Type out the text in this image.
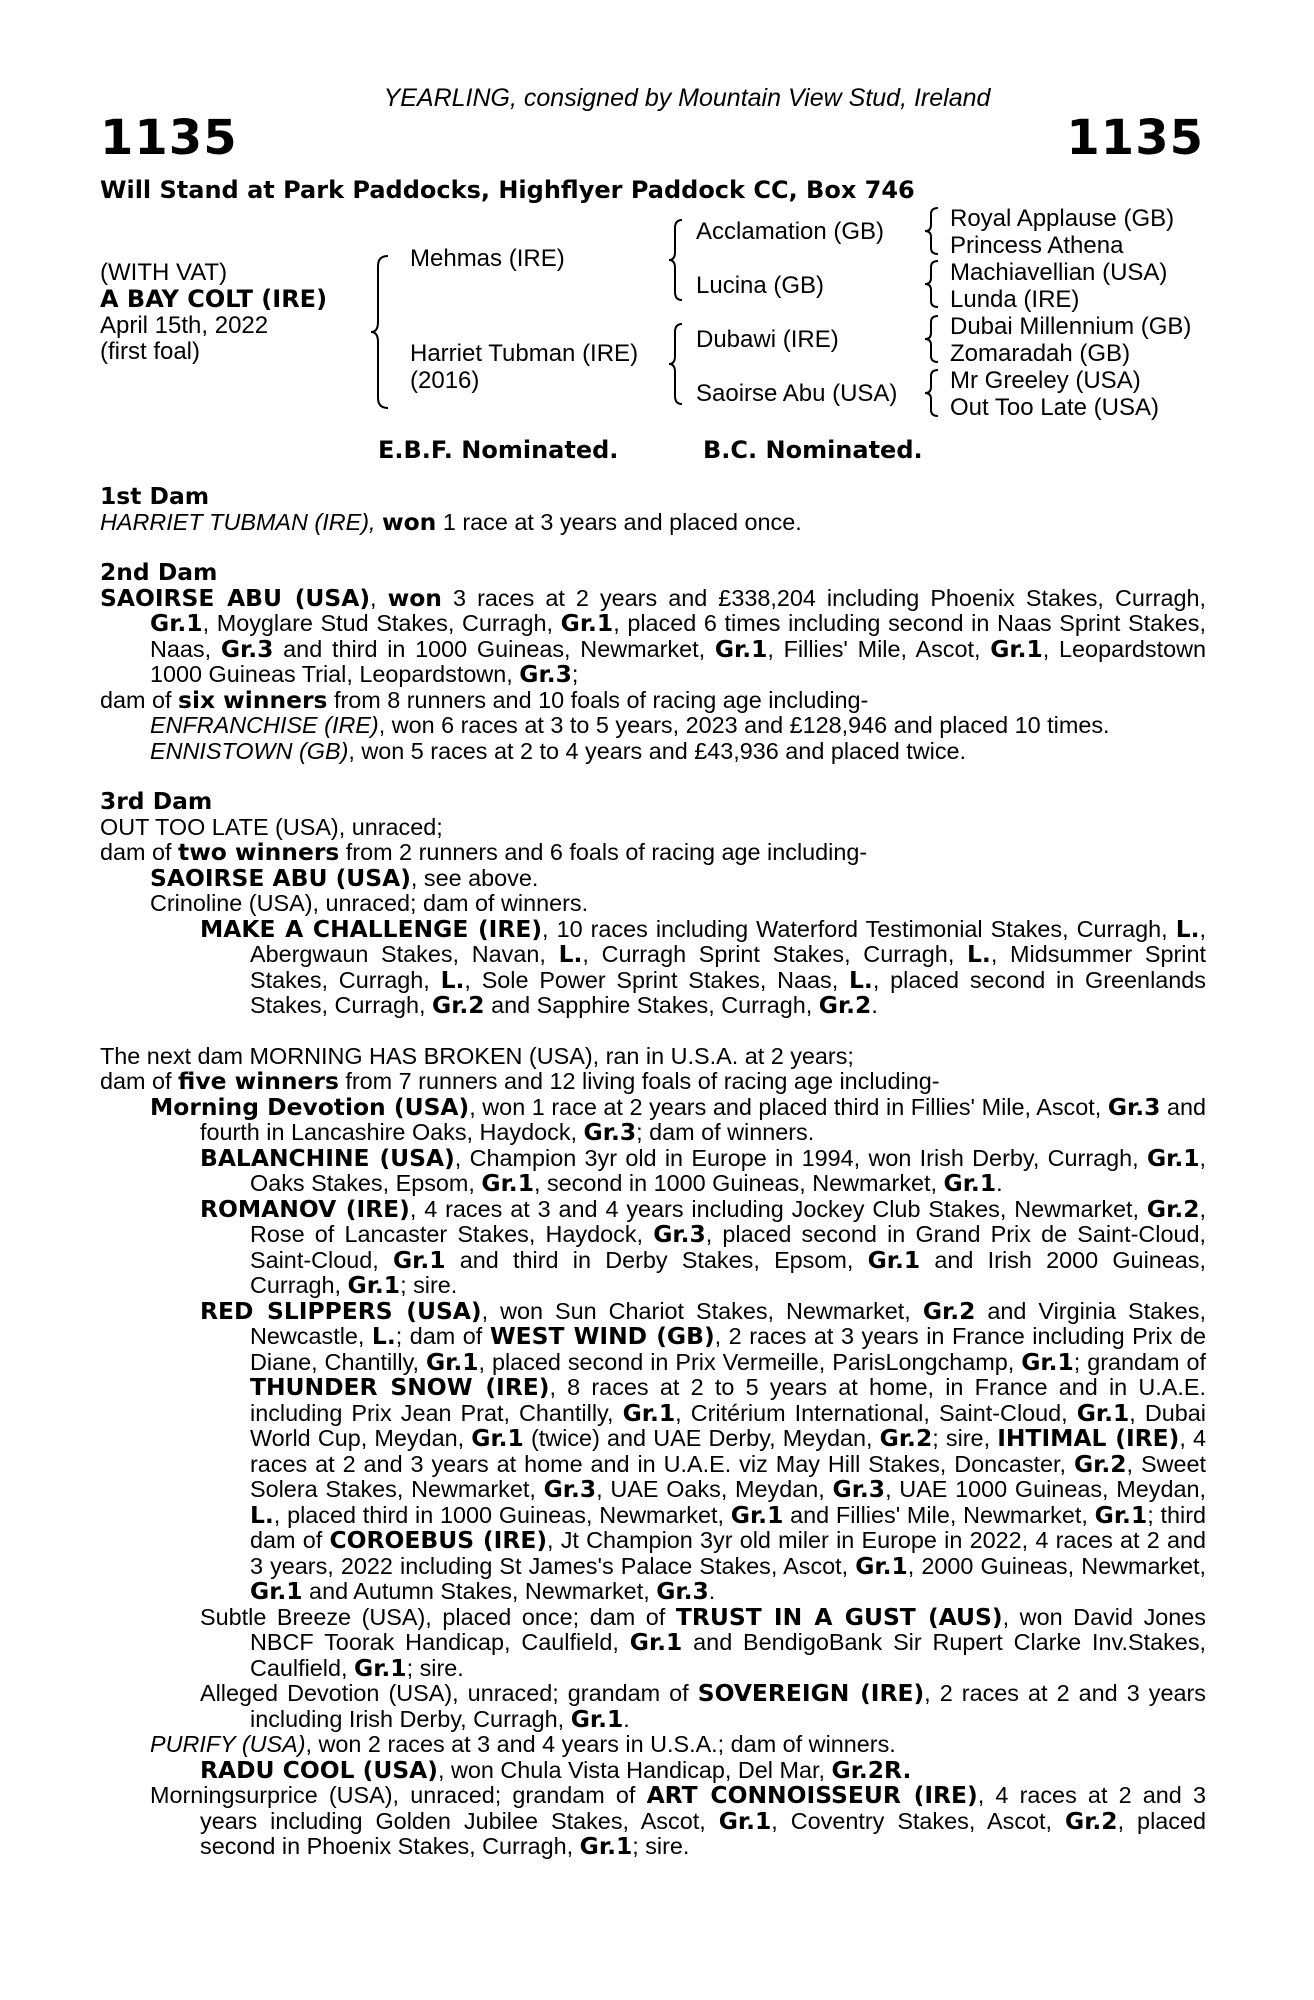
YEARLING, consigned by Mountain View Stud, Ireland
1135	1135
Will Stand at Park Paddocks, Highflyer Paddock CC, Box 746
(WITH VAT)
A BAY COLT (IRE)
April 15th, 2022
(first foal)
Mehmas (IRE)
Harriet Tubman (IRE)
(2016)
Acclamation (GB)
Lucina (GB)
Dubawi (IRE)
Saoirse Abu (USA)
Royal Applause (GB)
Princess Athena
Machiavellian (USA)
Lunda (IRE)
Dubai Millennium (GB)
Zomaradah (GB)
Mr Greeley (USA)
Out Too Late (USA)
E.B.F. Nominated.	B.C. Nominated.
1st Dam
HARRIET TUBMAN (IRE), won 1 race at 3 years and placed once.
2nd Dam
SAOIRSE ABU (USA), won 3 races at 2 years and £338,204 including Phoenix Stakes, Curragh, Gr.1, Moyglare Stud Stakes, Curragh, Gr.1, placed 6 times including second in Naas Sprint Stakes, Naas, Gr.3 and third in 1000 Guineas, Newmarket, Gr.1, Fillies' Mile, Ascot, Gr.1, Leopardstown 1000 Guineas Trial, Leopardstown, Gr.3;
dam of six winners from 8 runners and 10 foals of racing age including-
ENFRANCHISE (IRE), won 6 races at 3 to 5 years, 2023 and £128,946 and placed 10 times.
ENNISTOWN (GB), won 5 races at 2 to 4 years and £43,936 and placed twice.
3rd Dam
OUT TOO LATE (USA), unraced;
dam of two winners from 2 runners and 6 foals of racing age including-
SAOIRSE ABU (USA), see above.
Crinoline (USA), unraced; dam of winners.
MAKE A CHALLENGE (IRE), 10 races including Waterford Testimonial Stakes, Curragh, L., Abergwaun Stakes, Navan, L., Curragh Sprint Stakes, Curragh, L., Midsummer Sprint Stakes, Curragh, L., Sole Power Sprint Stakes, Naas, L., placed second in Greenlands Stakes, Curragh, Gr.2 and Sapphire Stakes, Curragh, Gr.2.
The next dam MORNING HAS BROKEN (USA), ran in U.S.A. at 2 years;
dam of five winners from 7 runners and 12 living foals of racing age including-
Morning Devotion (USA), won 1 race at 2 years and placed third in Fillies' Mile, Ascot, Gr.3 and fourth in Lancashire Oaks, Haydock, Gr.3; dam of winners.
BALANCHINE (USA), Champion 3yr old in Europe in 1994, won Irish Derby, Curragh, Gr.1, Oaks Stakes, Epsom, Gr.1, second in 1000 Guineas, Newmarket, Gr.1.
ROMANOV (IRE), 4 races at 3 and 4 years including Jockey Club Stakes, Newmarket, Gr.2, Rose of Lancaster Stakes, Haydock, Gr.3, placed second in Grand Prix de Saint-Cloud, Saint-Cloud, Gr.1 and third in Derby Stakes, Epsom, Gr.1 and Irish 2000 Guineas, Curragh, Gr.1; sire.
RED SLIPPERS (USA), won Sun Chariot Stakes, Newmarket, Gr.2 and Virginia Stakes, Newcastle, L.; dam of WEST WIND (GB), 2 races at 3 years in France including Prix de Diane, Chantilly, Gr.1, placed second in Prix Vermeille, ParisLongchamp, Gr.1; grandam of THUNDER SNOW (IRE), 8 races at 2 to 5 years at home, in France and in U.A.E. including Prix Jean Prat, Chantilly, Gr.1, Critérium International, Saint-Cloud, Gr.1, Dubai World Cup, Meydan, Gr.1 (twice) and UAE Derby, Meydan, Gr.2; sire, IHTIMAL (IRE), 4 races at 2 and 3 years at home and in U.A.E. viz May Hill Stakes, Doncaster, Gr.2, Sweet Solera Stakes, Newmarket, Gr.3, UAE Oaks, Meydan, Gr.3, UAE 1000 Guineas, Meydan, L., placed third in 1000 Guineas, Newmarket, Gr.1 and Fillies' Mile, Newmarket, Gr.1; third dam of COROEBUS (IRE), Jt Champion 3yr old miler in Europe in 2022, 4 races at 2 and 3 years, 2022 including St James's Palace Stakes, Ascot, Gr.1, 2000 Guineas, Newmarket, Gr.1 and Autumn Stakes, Newmarket, Gr.3.
Subtle Breeze (USA), placed once; dam of TRUST IN A GUST (AUS), won David Jones NBCF Toorak Handicap, Caulfield, Gr.1 and BendigoBank Sir Rupert Clarke Inv.Stakes, Caulfield, Gr.1; sire.
Alleged Devotion (USA), unraced; grandam of SOVEREIGN (IRE), 2 races at 2 and 3 years including Irish Derby, Curragh, Gr.1.
PURIFY (USA), won 2 races at 3 and 4 years in U.S.A.; dam of winners.
RADU COOL (USA), won Chula Vista Handicap, Del Mar, Gr.2R.
Morningsurprice (USA), unraced; grandam of ART CONNOISSEUR (IRE), 4 races at 2 and 3 years including Golden Jubilee Stakes, Ascot, Gr.1, Coventry Stakes, Ascot, Gr.2, placed second in Phoenix Stakes, Curragh, Gr.1; sire.
